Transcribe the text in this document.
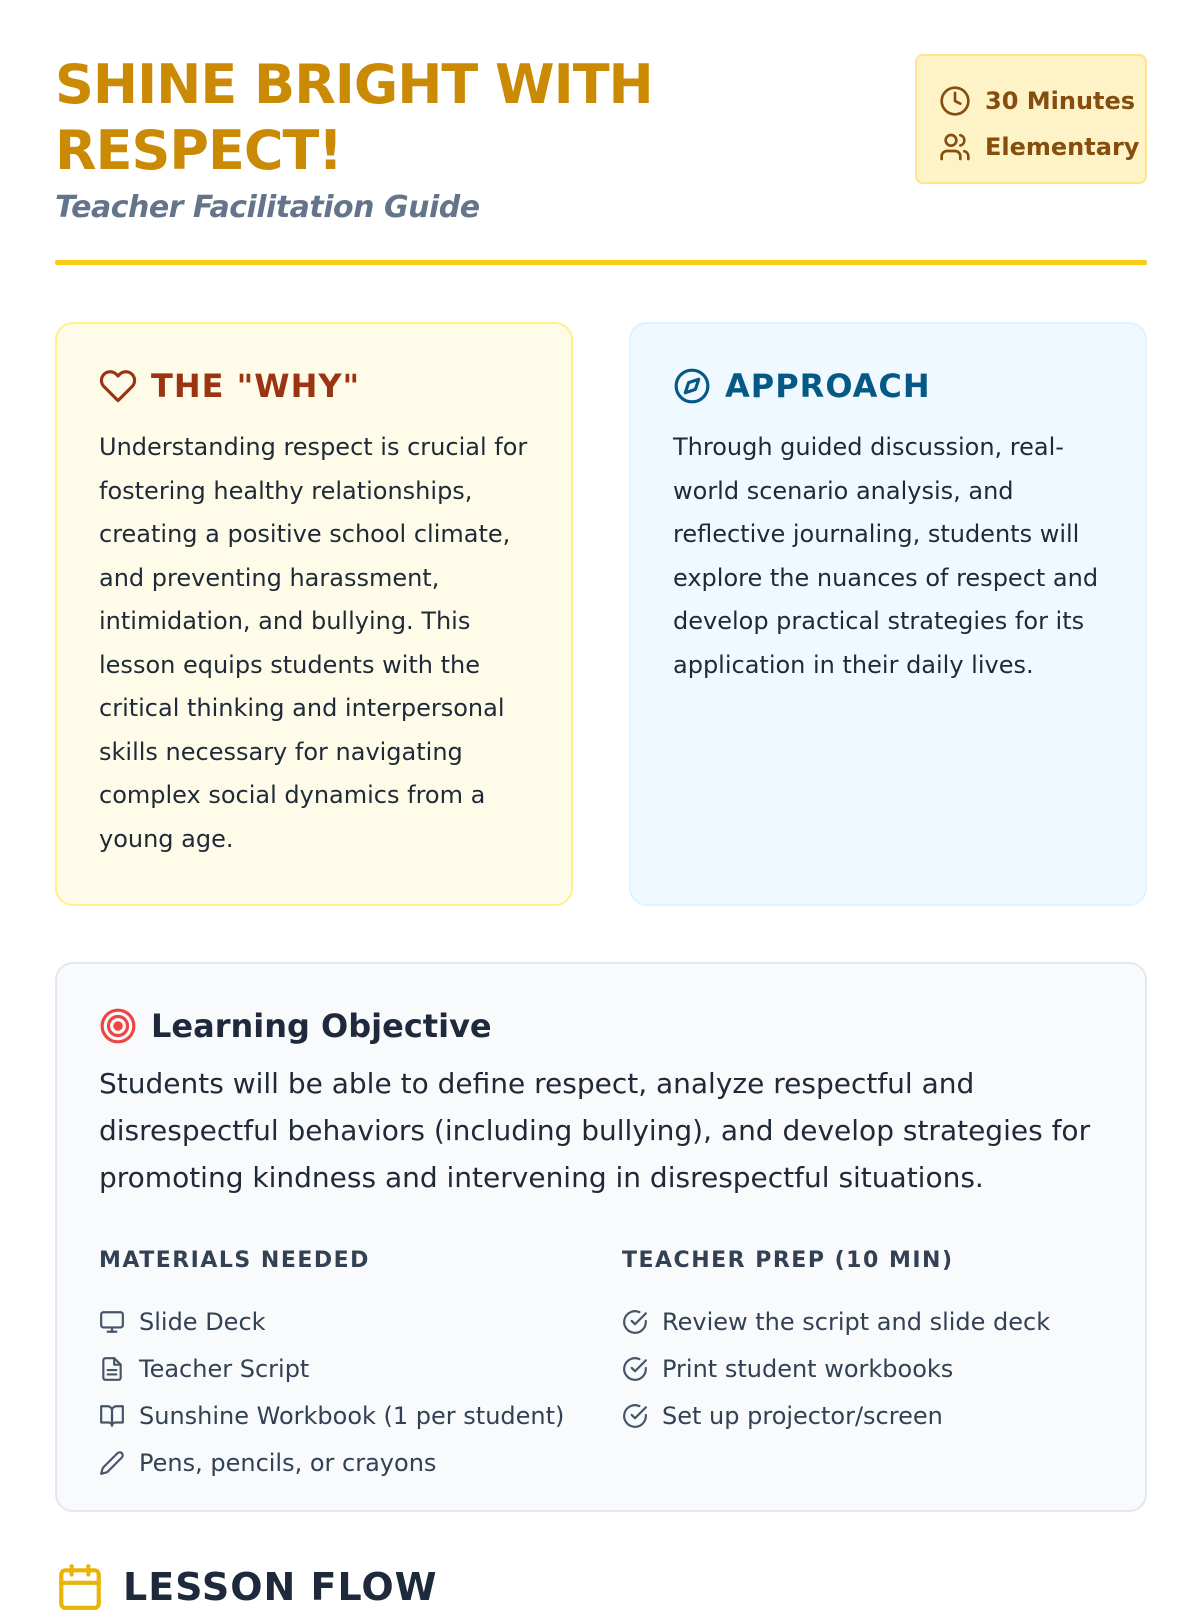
SHINE BRIGHT WITH RESPECT!
Teacher Facilitation Guide
30 Minutes
Elementary
THE "WHY"

Understanding respect is crucial for fostering healthy relationships, creating a positive school climate, and preventing harassment, intimidation, and bullying. This lesson equips students with the critical thinking and interpersonal skills necessary for navigating complex social dynamics from a young age.

APPROACH

Through guided discussion, real-world scenario analysis, and reflective journaling, students will explore the nuances of respect and develop practical strategies for its application in their daily lives.

Learning Objective

Students will be able to define respect, analyze respectful and disrespectful behaviors (including bullying), and develop strategies for promoting kindness and intervening in disrespectful situations.

MATERIALS NEEDED
Slide Deck
Teacher Script
Sunshine Workbook (1 per student)
Pens, pencils, or crayons
TEACHER PREP (10 MIN)
Review the script and slide deck
Print student workbooks
Set up projector/screen
LESSON FLOW
